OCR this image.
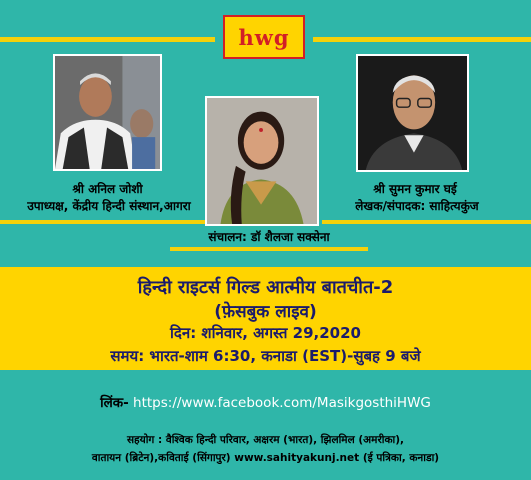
hwg
श्री अनिल जोशी
उपाध्यक्ष, केंद्रीय हिन्दी संस्थान,आगरा
श्री सुमन कुमार घई
लेखक/संपादक: साहित्यकुंज
संचालन: डॉ शैलजा सक्सेना
हिन्दी राइटर्स गिल्ड आत्मीय बातचीत-2
(फ़ेसबुक लाइव)
दिन: शनिवार, अगस्त 29,2020
समय: भारत-शाम 6:30, कनाडा (EST)-सुबह 9 बजे
लिंक- https://www.facebook.com/MasikgosthiHWG
सहयोग : वैश्विक हिन्दी परिवार, अक्षरम (भारत), झिलमिल (अमरीका),
वातायन (ब्रिटेन),कविताई (सिंगापुर) www.sahityakunj.net (ई पत्रिका, कनाडा)
